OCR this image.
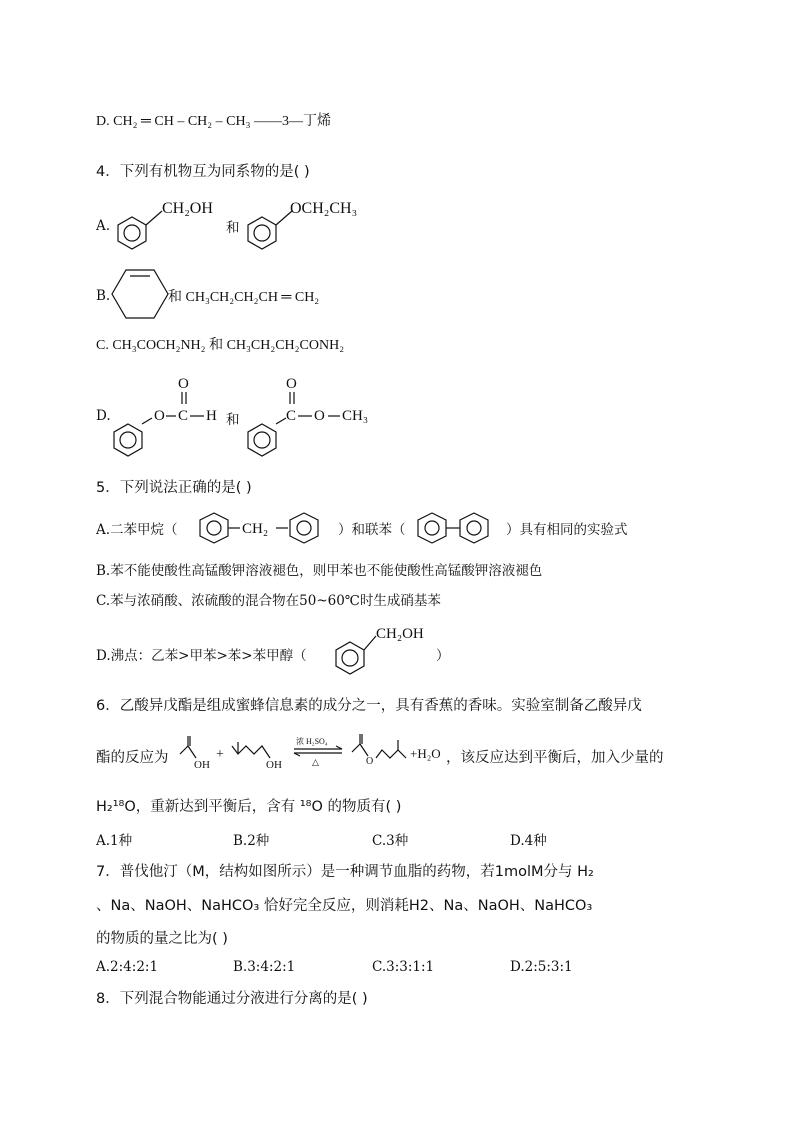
D. CH₂ ═ CH – CH₂ – CH₃ ——3—丁烯
4．下列有机物互为同系物的是( )
A.
CH₂OH
和
OCH₂CH₃
B.	和 CH₃CH₂CH₂CH ═ CH₂
C. CH₃COCH₂NH₂ 和 CH₃CH₂CH₂CONH₂
D.	O C
O
H 和	C
O
O CH₃
5．下列说法正确的是( )
A.二苯甲烷（	CH₂	）和联苯（	）具有相同的实验式
B.苯不能使酸性高锰酸钾溶液褪色，则甲苯也不能使酸性高锰酸钾溶液褪色
C.苯与浓硝酸、浓硫酸的混合物在50~60℃时生成硝基苯
D.沸点：乙苯>甲苯>苯>苯甲醇（
CH₂OH
）
6．乙酸异戊酯是组成蜜蜂信息素的成分之一，具有香蕉的香味。实验室制备乙酸异戊
酯的反应为 OH
+
OH
浓 H₂SO₄
△	O
+H₂O ，该反应达到平衡后，加入少量的
H₂¹⁸O，重新达到平衡后，含有 ¹⁸O 的物质有( )
A.1种	B.2种	C.3种	D.4种
7．普伐他汀（M，结构如图所示）是一种调节血脂的药物，若1molM分与 H₂
、Na、NaOH、NaHCO₃ 恰好完全反应，则消耗H2、Na、NaOH、NaHCO₃
的物质的量之比为( )
A.2:4:2:1	B.3:4:2:1	C.3:3:1:1	D.2:5:3:1
8．下列混合物能通过分液进行分离的是( )
